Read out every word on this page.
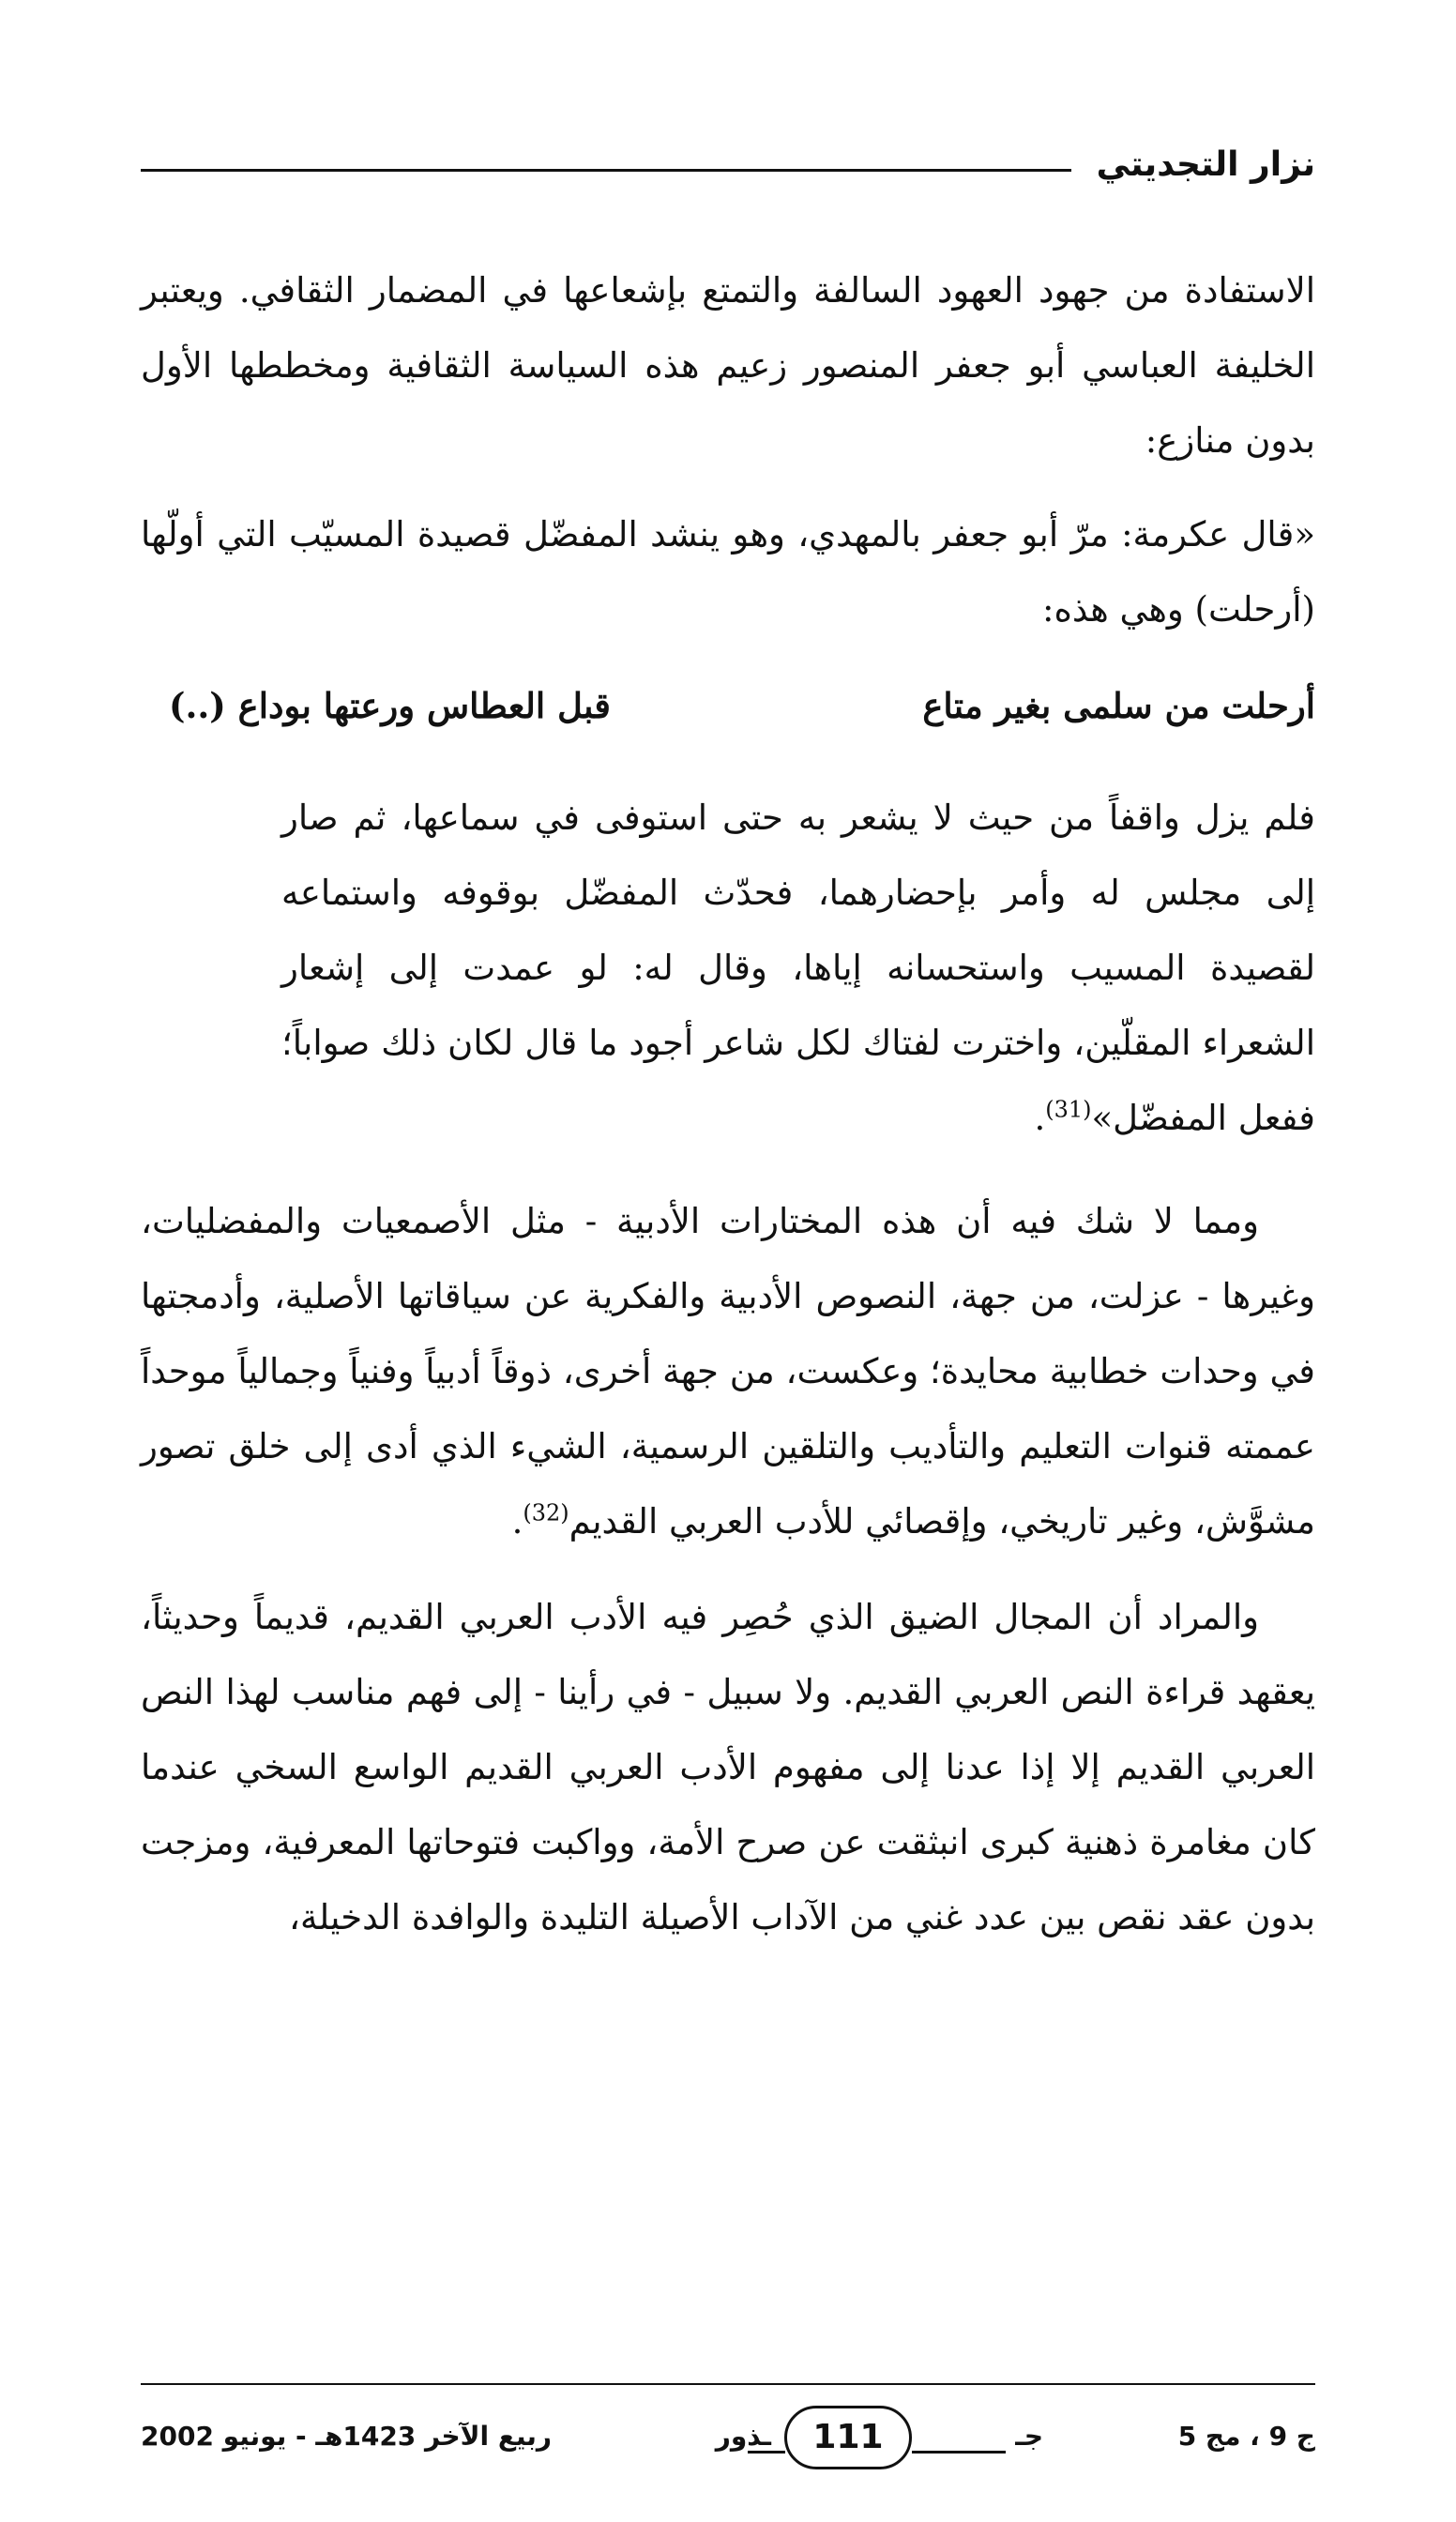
نزار التجديتي

الاستفادة من جهود العهود السالفة والتمتع بإشعاعها في المضمار الثقافي. ويعتبر الخليفة العباسي أبو جعفر المنصور زعيم هذه السياسة الثقافية ومخططها الأول بدون منازع:

«قال عكرمة: مرّ أبو جعفر بالمهدي، وهو ينشد المفضّل قصيدة المسيّب التي أولّها (أرحلت) وهي هذه:

أرحلت من سلمى بغير متاع
قبل العطاس ورعتها بوداع (..)

فلم يزل واقفاً من حيث لا يشعر به حتى استوفى في سماعها، ثم صار إلى مجلس له وأمر بإحضارهما، فحدّث المفضّل بوقوفه واستماعه لقصيدة المسيب واستحسانه إياها، وقال له: لو عمدت إلى إشعار الشعراء المقلّين، واخترت لفتاك لكل شاعر أجود ما قال لكان ذلك صواباً؛ ففعل المفضّل»$^{(31)}$.

ومما لا شك فيه أن هذه المختارات الأدبية - مثل الأصمعيات والمفضليات، وغيرها - عزلت، من جهة، النصوص الأدبية والفكرية عن سياقاتها الأصلية، وأدمجتها في وحدات خطابية محايدة؛ وعكست، من جهة أخرى، ذوقاً أدبياً وفنياً وجمالياً موحداً عممته قنوات التعليم والتأديب والتلقين الرسمية، الشيء الذي أدى إلى خلق تصور مشوَّش، وغير تاريخي، وإقصائي للأدب العربي القديم$^{(32)}$.

والمراد أن المجال الضيق الذي حُصِر فيه الأدب العربي القديم، قديماً وحديثاً، يعقهد قراءة النص العربي القديم. ولا سبيل - في رأينا - إلى فهم مناسب لهذا النص العربي القديم إلا إذا عدنا إلى مفهوم الأدب العربي القديم الواسع السخي عندما كان مغامرة ذهنية كبرى انبثقت عن صرح الأمة، وواكبت فتوحاتها المعرفية، ومزجت بدون عقد نقص بين عدد غني من الآداب الأصيلة التليدة والوافدة الدخيلة،

ج 9 ، مج 5
جـ
111
ـذور
ربيع الآخر 1423هـ - يونيو 2002
